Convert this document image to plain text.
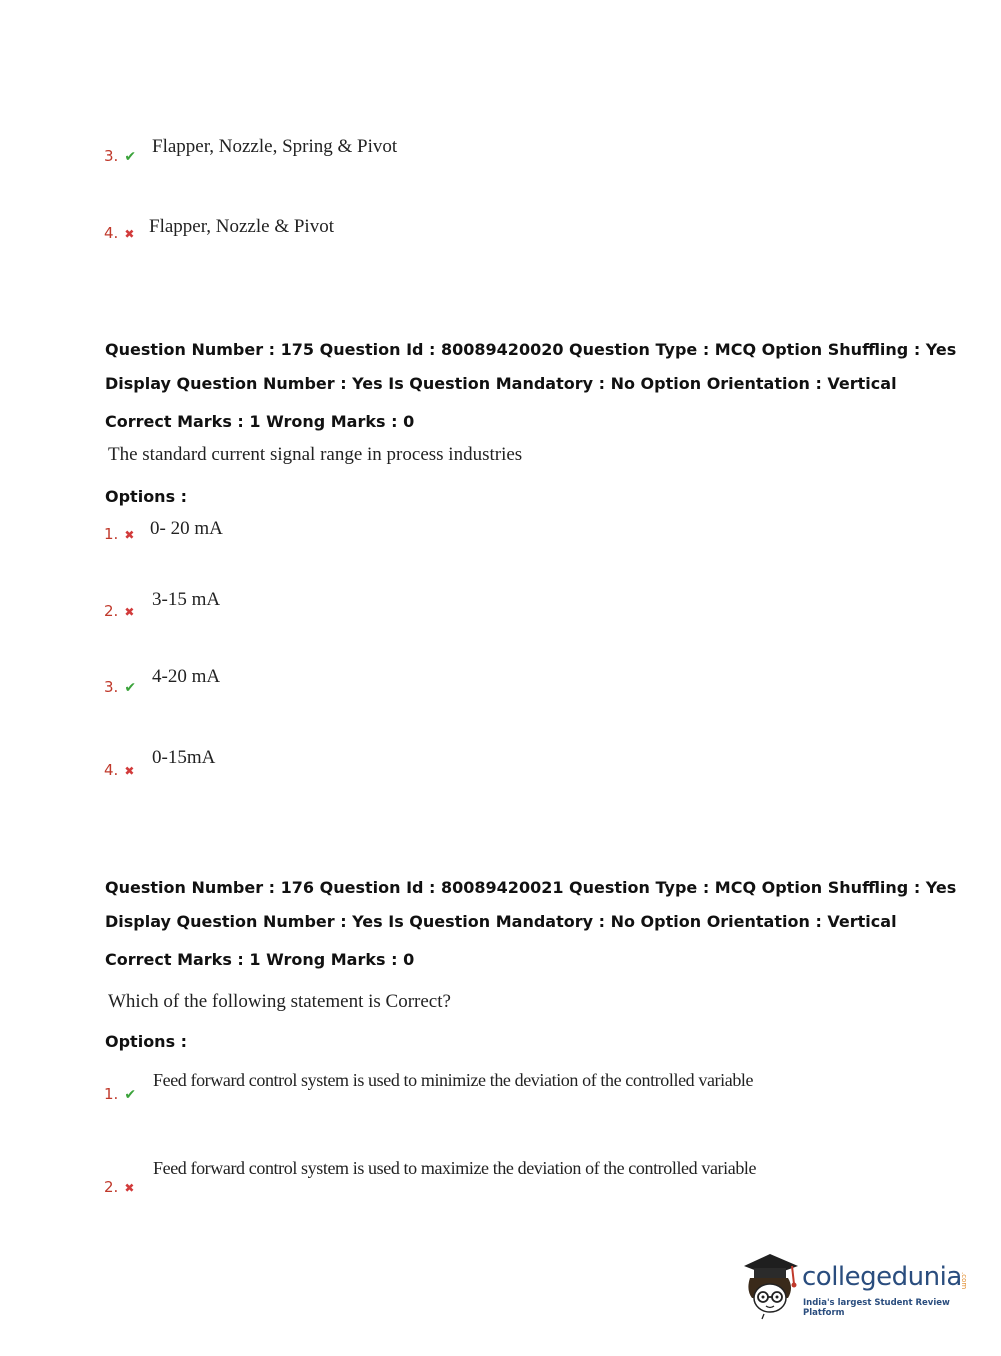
3. ✔ Flapper, Nozzle, Spring & Pivot
4. ✖ Flapper, Nozzle & Pivot
Question Number : 175 Question Id : 80089420020 Question Type : MCQ Option Shuffling : Yes
Display Question Number : Yes Is Question Mandatory : No Option Orientation : Vertical
Correct Marks : 1 Wrong Marks : 0
The standard current signal range in process industries
Options :
1. ✖ 0- 20 mA
2. ✖
3-15 mA
3. ✔
4-20 mA
4. ✖
0-15mA
Question Number : 176 Question Id : 80089420021 Question Type : MCQ Option Shuffling : Yes
Display Question Number : Yes Is Question Mandatory : No Option Orientation : Vertical
Correct Marks : 1 Wrong Marks : 0
Which of the following statement is Correct?
Options :
1. ✔
Feed forward control system is used to minimize the deviation of the controlled variable
2. ✖
Feed forward control system is used to maximize the deviation of the controlled variable
collegedunia
.com
India's largest Student Review Platform
